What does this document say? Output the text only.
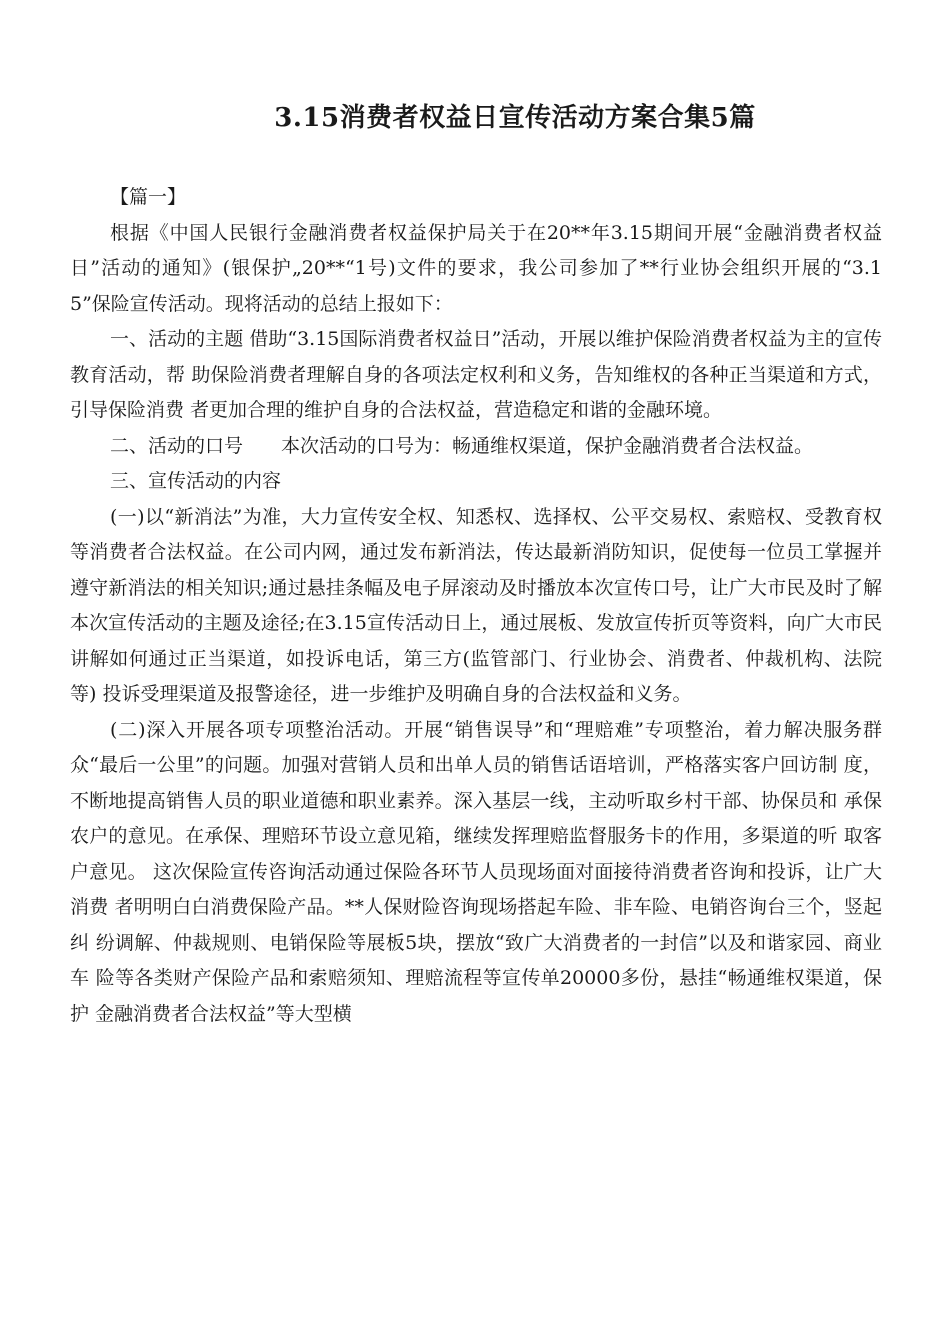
3.15消费者权益日宣传活动方案合集5篇

【篇一】

根据《中国人民银行金融消费者权益保护局关于在20**年3.15期间开展“金融消费者权益 日”活动的通知》(银保护„20**“1号)文件的要求，我公司参加了**行业协会组织开展的“3.1 5”保险宣传活动。现将活动的总结上报如下：

一、活动的主题 借助“3.15国际消费者权益日”活动，开展以维护保险消费者权益为主的宣传教育活动，帮 助保险消费者理解自身的各项法定权利和义务，告知维权的各种正当渠道和方式，引导保险消费 者更加合理的维护自身的合法权益，营造稳定和谐的金融环境。

二、活动的口号　　本次活动的口号为：畅通维权渠道，保护金融消费者合法权益。

三、宣传活动的内容

(一)以“新消法”为准，大力宣传安全权、知悉权、选择权、公平交易权、索赔权、受教育权 等消费者合法权益。在公司内网，通过发布新消法，传达最新消防知识，促使每一位员工掌握并 遵守新消法的相关知识;通过悬挂条幅及电子屏滚动及时播放本次宣传口号，让广大市民及时了解 本次宣传活动的主题及途径;在3.15宣传活动日上，通过展板、发放宣传折页等资料，向广大市民 讲解如何通过正当渠道，如投诉电话，第三方(监管部门、行业协会、消费者、仲裁机构、法院等) 投诉受理渠道及报警途径，进一步维护及明确自身的合法权益和义务。

(二)深入开展各项专项整治活动。开展“销售误导”和“理赔难”专项整治，着力解决服务群 众“最后一公里”的问题。加强对营销人员和出单人员的销售话语培训，严格落实客户回访制 度，不断地提高销售人员的职业道德和职业素养。深入基层一线，主动听取乡村干部、协保员和 承保农户的意见。在承保、理赔环节设立意见箱，继续发挥理赔监督服务卡的作用，多渠道的听 取客户意见。 这次保险宣传咨询活动通过保险各环节人员现场面对面接待消费者咨询和投诉，让广大消费 者明明白白消费保险产品。**人保财险咨询现场搭起车险、非车险、电销咨询台三个，竖起纠 纷调解、仲裁规则、电销保险等展板5块，摆放“致广大消费者的一封信”以及和谐家园、商业车 险等各类财产保险产品和索赔须知、理赔流程等宣传单20000多份，悬挂“畅通维权渠道，保护 金融消费者合法权益”等大型横
